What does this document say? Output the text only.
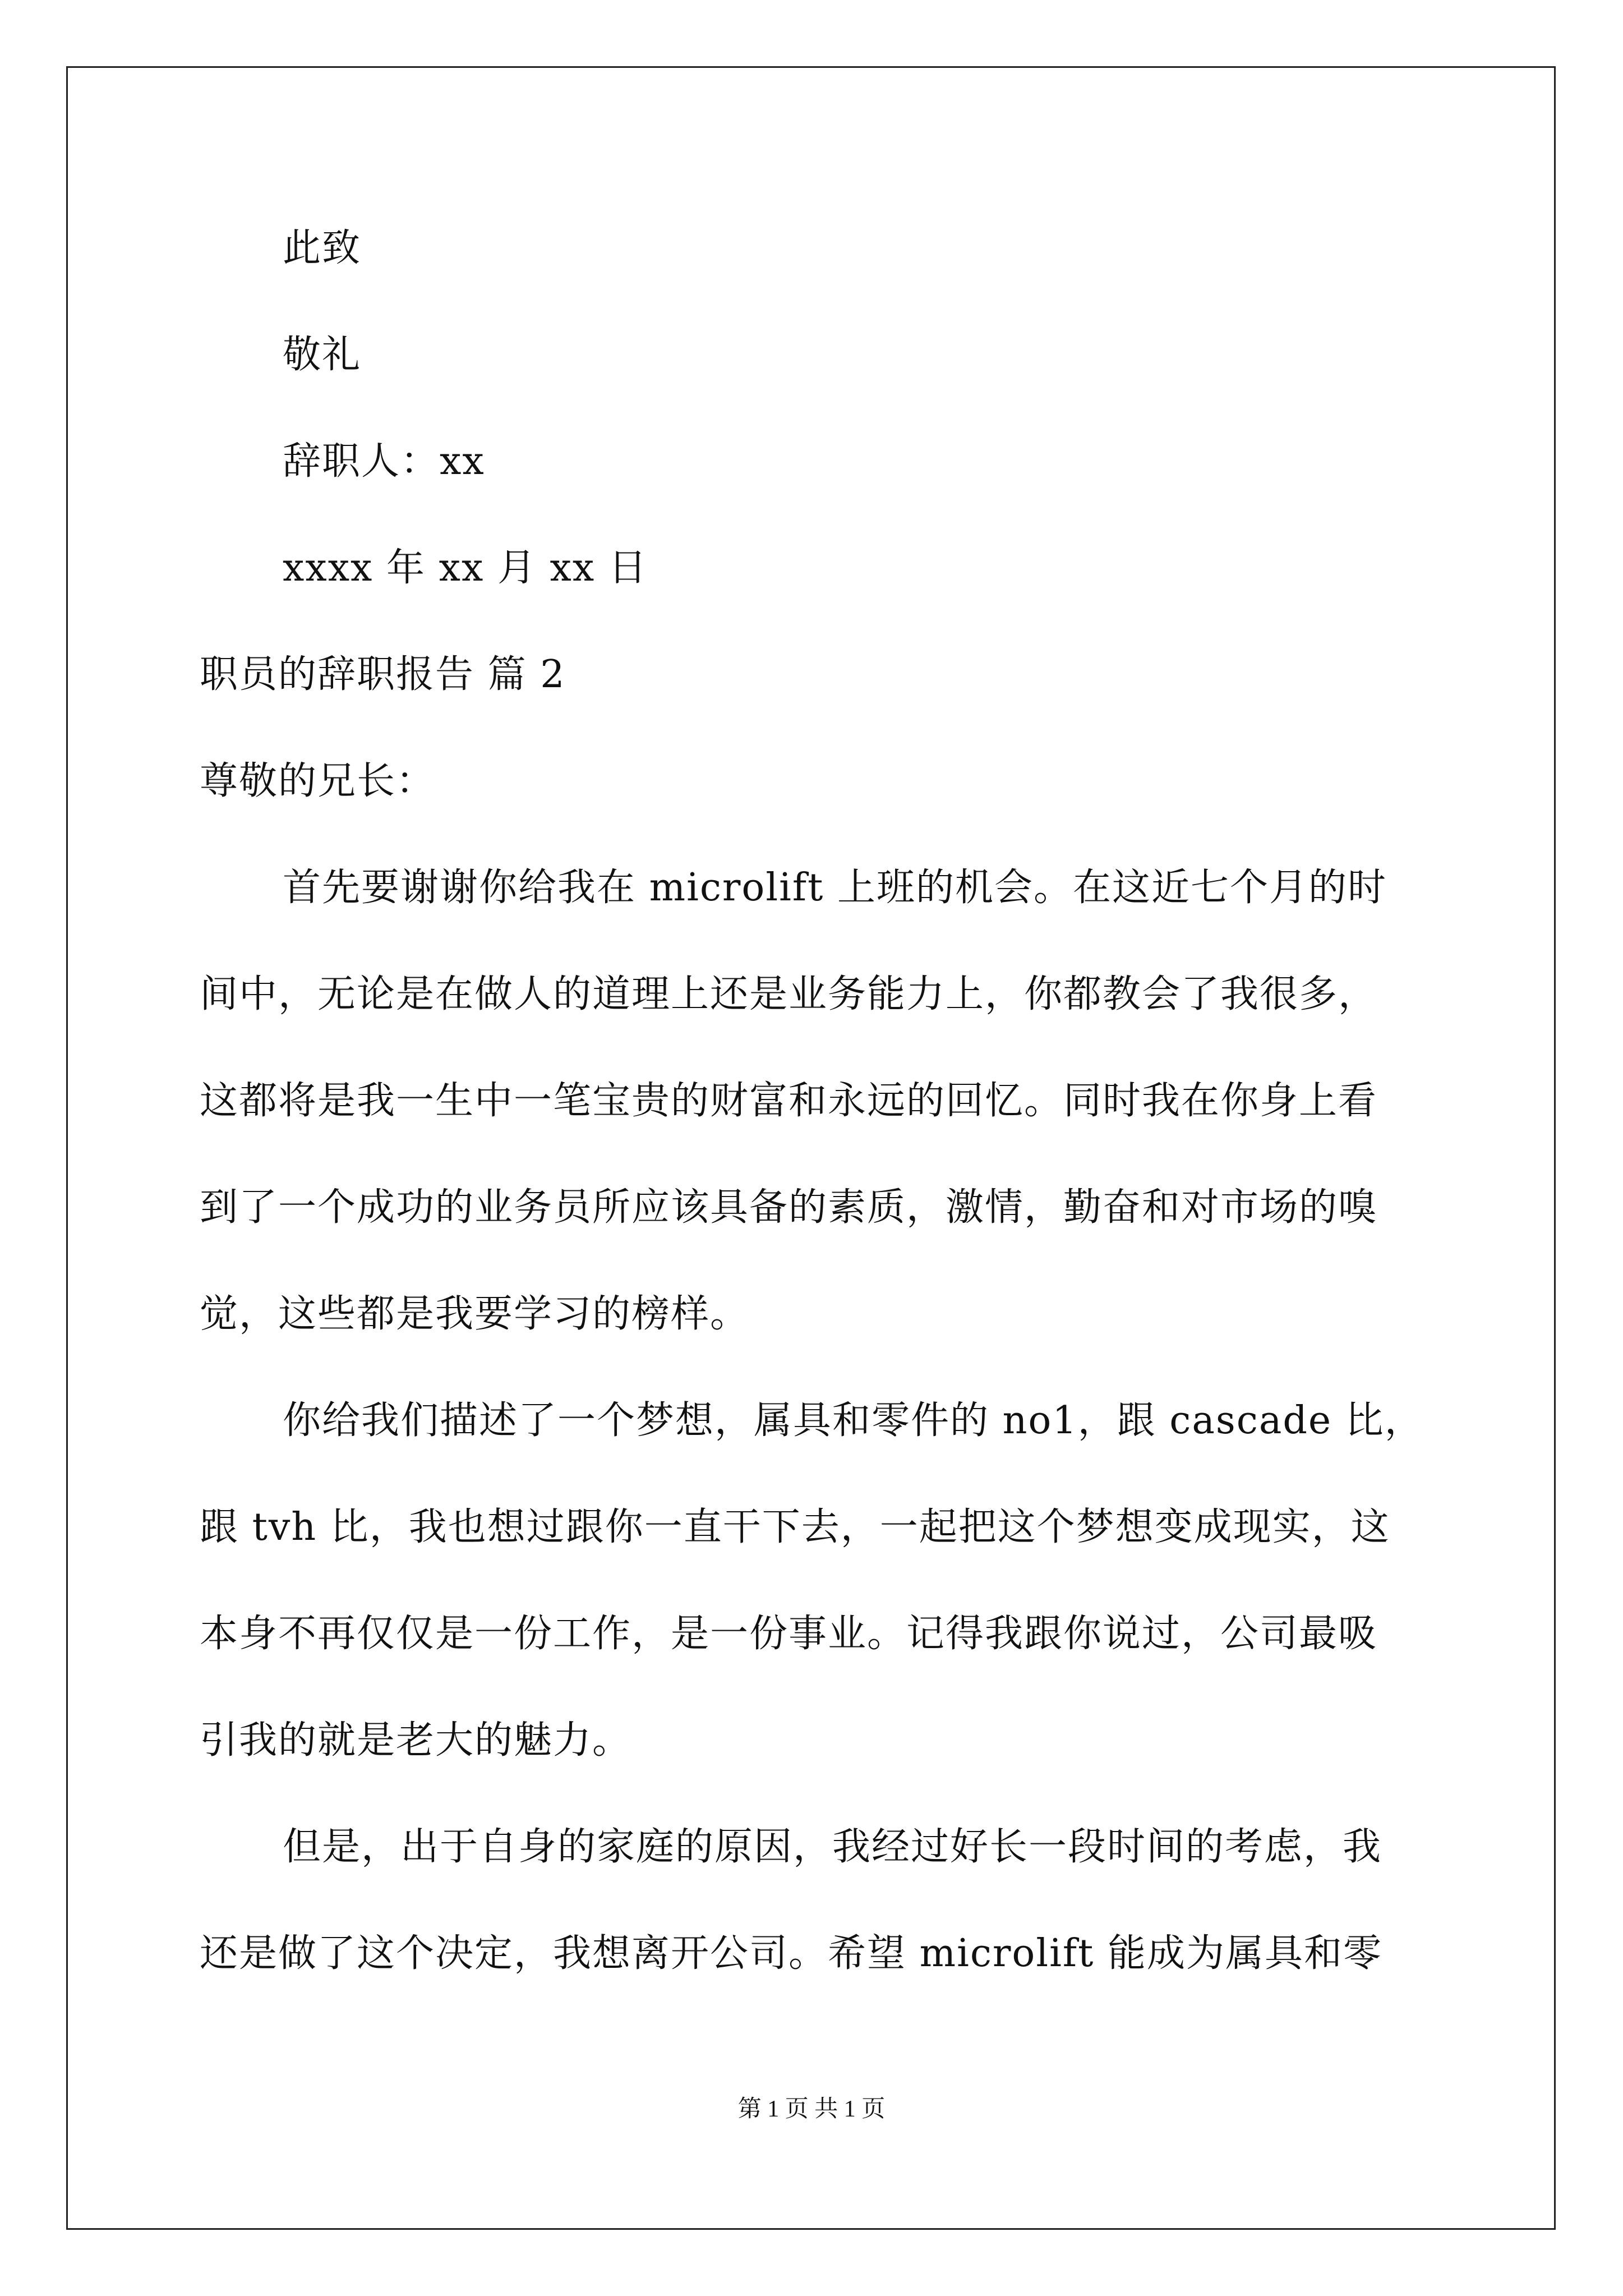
此致
敬礼
辞职人：xx
xxxx 年 xx 月 xx 日
职员的辞职报告 篇 2
尊敬的兄长：
首先要谢谢你给我在 microlift 上班的机会。在这近七个月的时
间中，无论是在做人的道理上还是业务能力上，你都教会了我很多，
这都将是我一生中一笔宝贵的财富和永远的回忆。同时我在你身上看
到了一个成功的业务员所应该具备的素质，激情，勤奋和对市场的嗅
觉，这些都是我要学习的榜样。
你给我们描述了一个梦想，属具和零件的 no1，跟 cascade 比，
跟 tvh 比，我也想过跟你一直干下去，一起把这个梦想变成现实，这
本身不再仅仅是一份工作，是一份事业。记得我跟你说过，公司最吸
引我的就是老大的魅力。
但是，出于自身的家庭的原因，我经过好长一段时间的考虑，我
还是做了这个决定，我想离开公司。希望 microlift 能成为属具和零
第 1 页 共 1 页
